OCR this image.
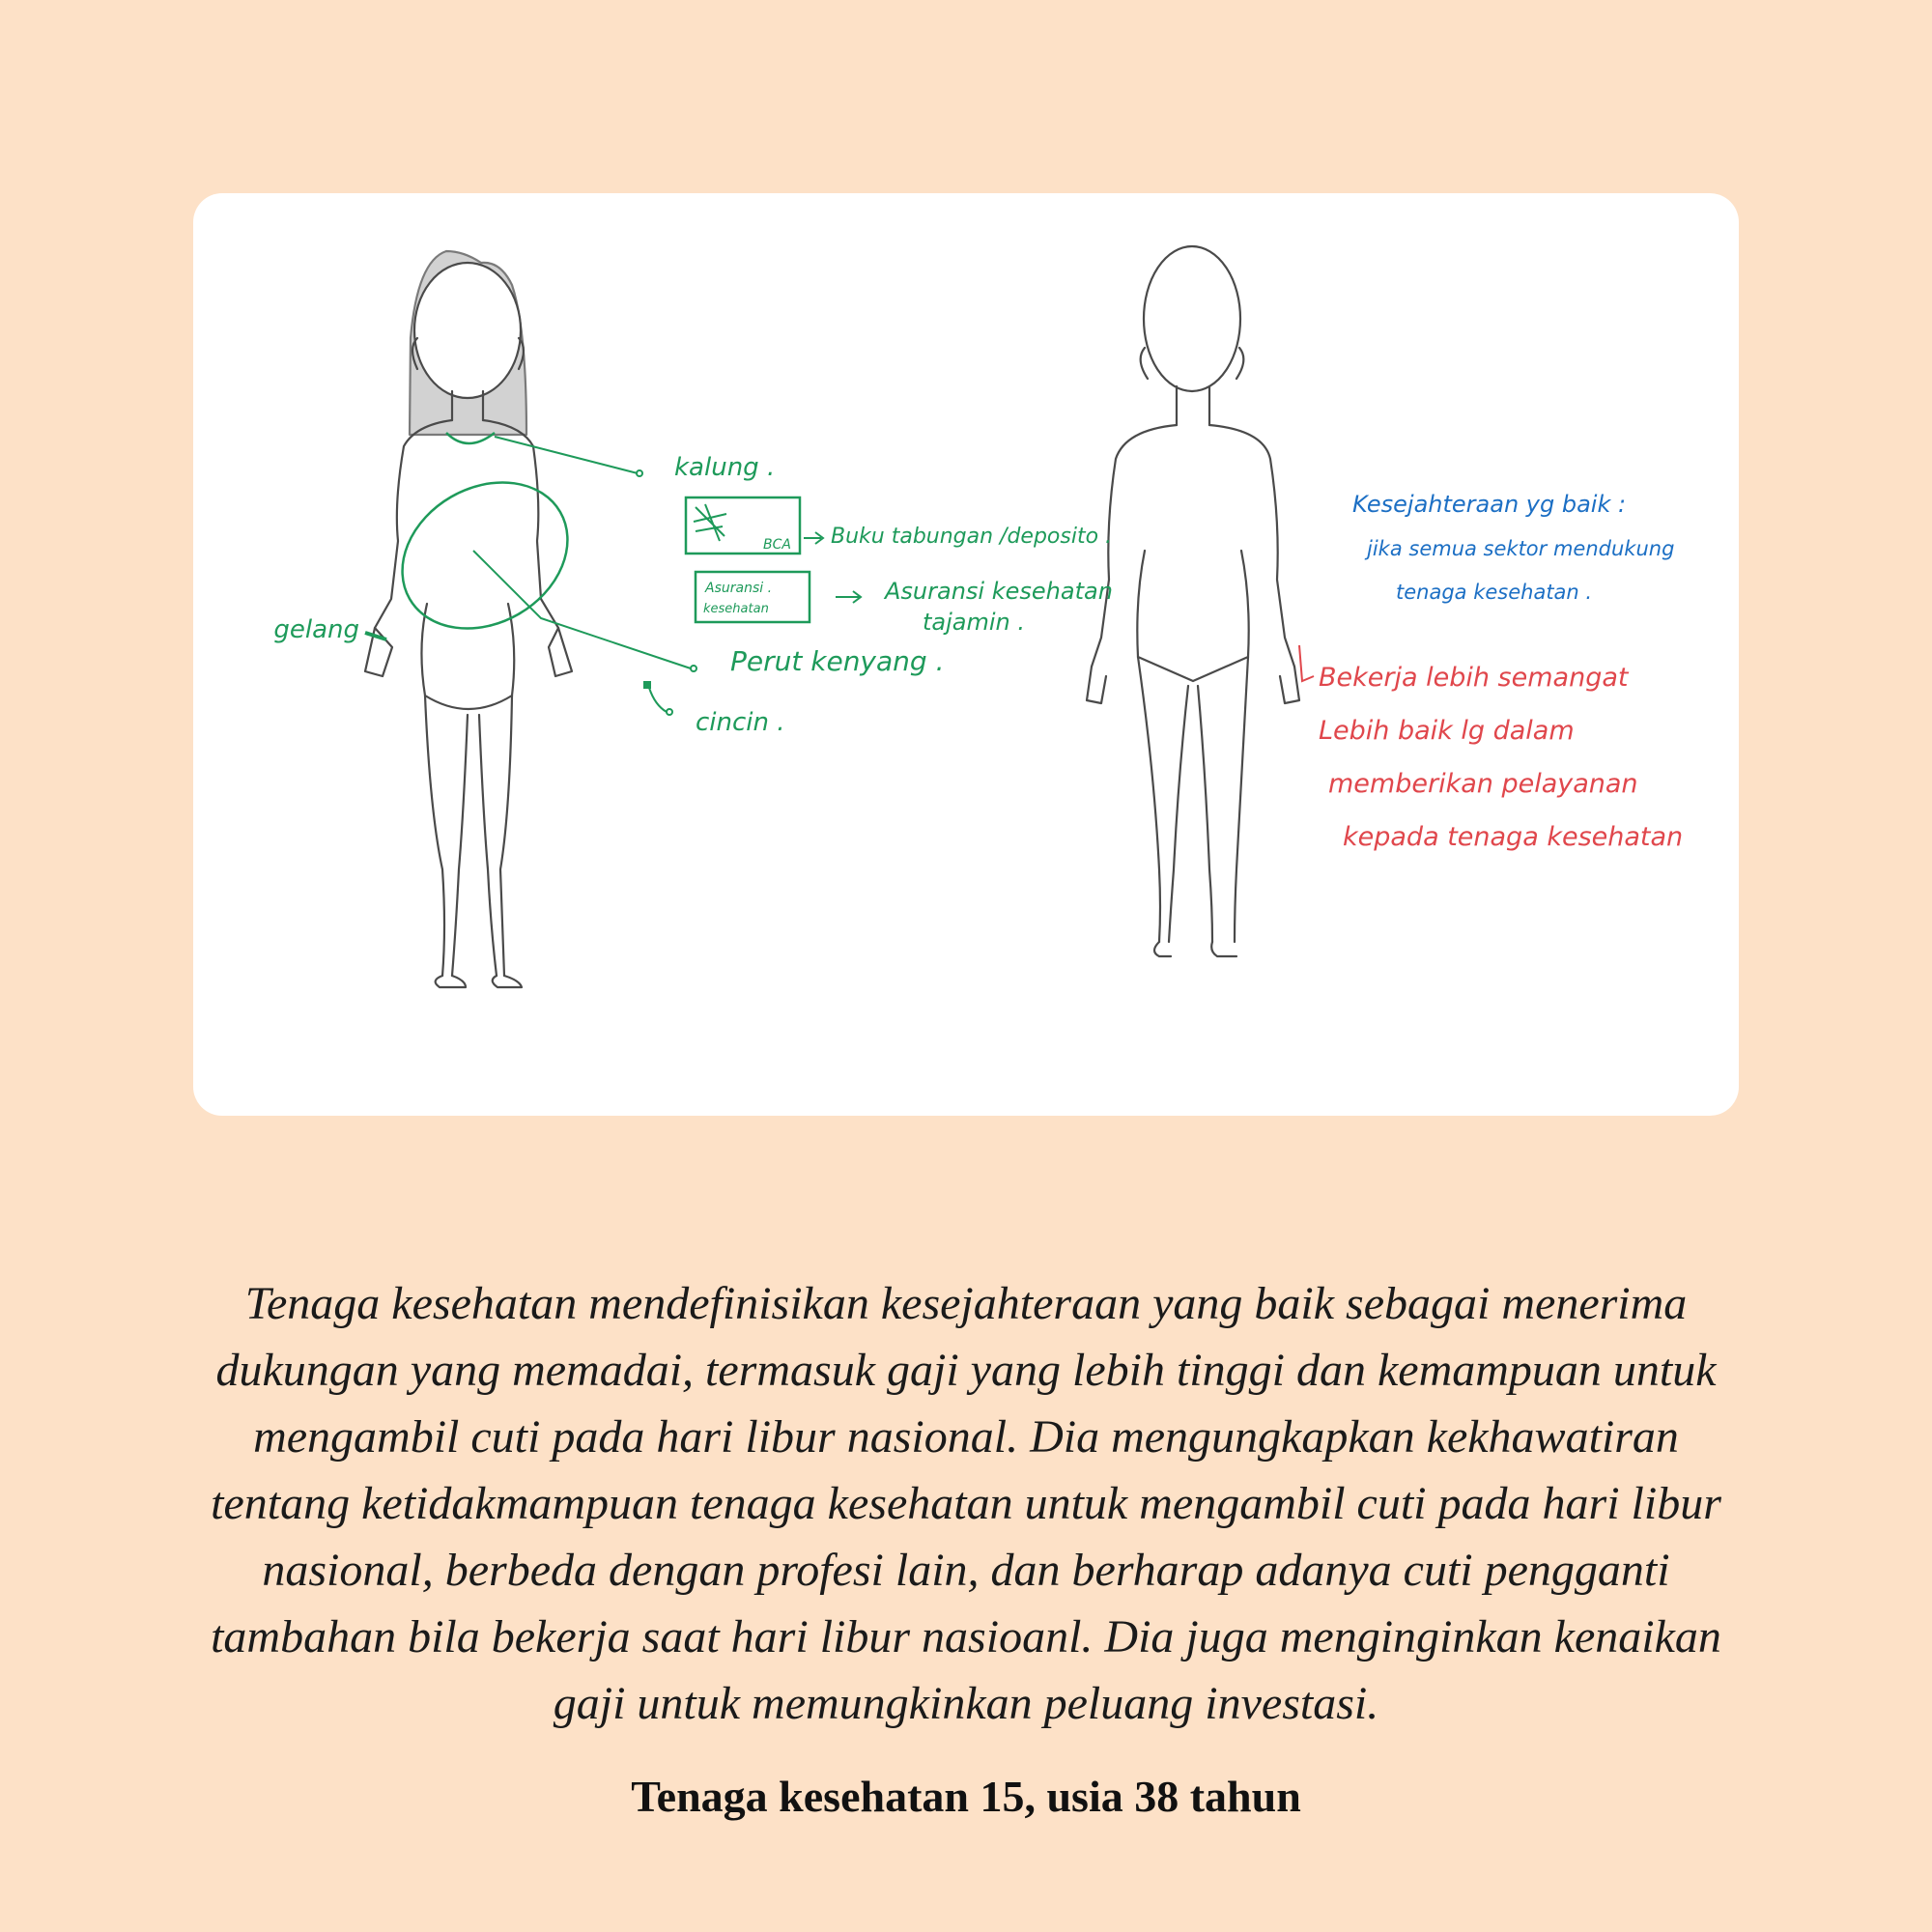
kalung .
BCA Buku tabungan /deposito .
Asuransi .
kesehatan
Asuransi kesehatan
tajamin .
Perut kenyang .
gelang
cincin .
Kesejahteraan yg baik :
jika semua sektor mendukung
tenaga kesehatan .
Bekerja lebih semangat
Lebih baik lg dalam
memberikan pelayanan
kepada tenaga kesehatan

Tenaga kesehatan mendefinisikan kesejahteraan yang baik sebagai menerima dukungan yang memadai, termasuk gaji yang lebih tinggi dan kemampuan untuk mengambil cuti pada hari libur nasional. Dia mengungkapkan kekhawatiran tentang ketidakmampuan tenaga kesehatan untuk mengambil cuti pada hari libur nasional, berbeda dengan profesi lain, dan berharap adanya cuti pengganti tambahan bila bekerja saat hari libur nasioanl. Dia juga menginginkan kenaikan gaji untuk memungkinkan peluang investasi.

Tenaga kesehatan 15, usia 38 tahun
